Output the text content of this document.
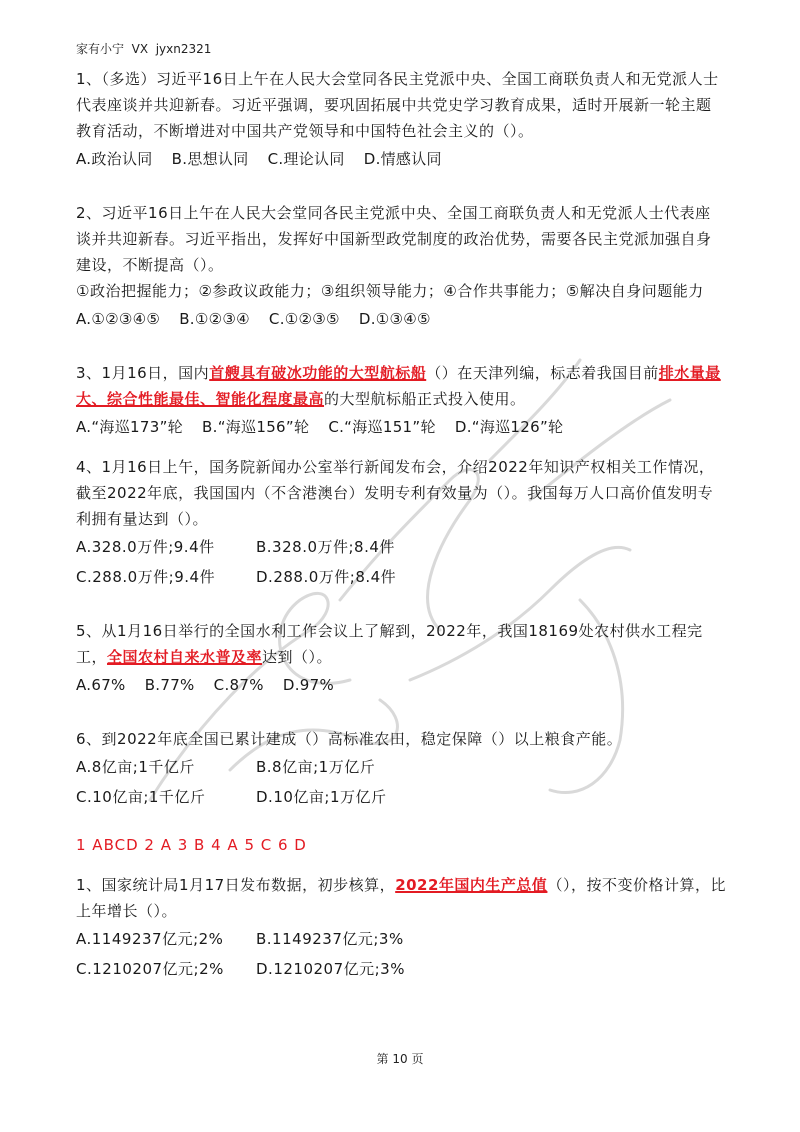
家有小宁  VX  jyxn2321

1、（多选）习近平16日上午在人民大会堂同各民主党派中央、全国工商联负责人和无党派人士代表座谈并共迎新春。习近平强调，要巩固拓展中共党史学习教育成果，适时开展新一轮主题教育活动，不断增进对中国共产党领导和中国特色社会主义的（）。

A.政治认同 B.思想认同 C.理论认同 D.情感认同

2、习近平16日上午在人民大会堂同各民主党派中央、全国工商联负责人和无党派人士代表座谈并共迎新春。习近平指出，发挥好中国新型政党制度的政治优势，需要各民主党派加强自身建设，不断提高（）。

①政治把握能力；②参政议政能力；③组织领导能力；④合作共事能力；⑤解决自身问题能力

A.①②③④⑤ B.①②③④ C.①②③⑤ D.①③④⑤

3、1月16日，国内首艘具有破冰功能的大型航标船（）在天津列编，标志着我国目前排水量最大、综合性能最佳、智能化程度最高的大型航标船正式投入使用。

A.“海巡173”轮 B.“海巡156”轮 C.“海巡151”轮 D.“海巡126”轮

4、1月16日上午，国务院新闻办公室举行新闻发布会，介绍2022年知识产权相关工作情况，截至2022年底，我国国内（不含港澳台）发明专利有效量为（）。我国每万人口高价值发明专利拥有量达到（）。

A.328.0万件;9.4件	B.328.0万件;8.4件
C.288.0万件;9.4件	D.288.0万件;8.4件

5、从1月16日举行的全国水利工作会议上了解到，2022年，我国18169处农村供水工程完工，全国农村自来水普及率达到（）。

A.67% B.77% C.87% D.97%

6、到2022年底全国已累计建成（）高标准农田，稳定保障（）以上粮食产能。

A.8亿亩;1千亿斤	B.8亿亩;1万亿斤
C.10亿亩;1千亿斤	D.10亿亩;1万亿斤
1 ABCD 2 A 3 B 4 A 5 C 6 D

1、国家统计局1月17日发布数据，初步核算，2022年国内生产总值（），按不变价格计算，比上年增长（）。

A.1149237亿元;2%	B.1149237亿元;3%
C.1210207亿元;2%	D.1210207亿元;3%
第 10 页
